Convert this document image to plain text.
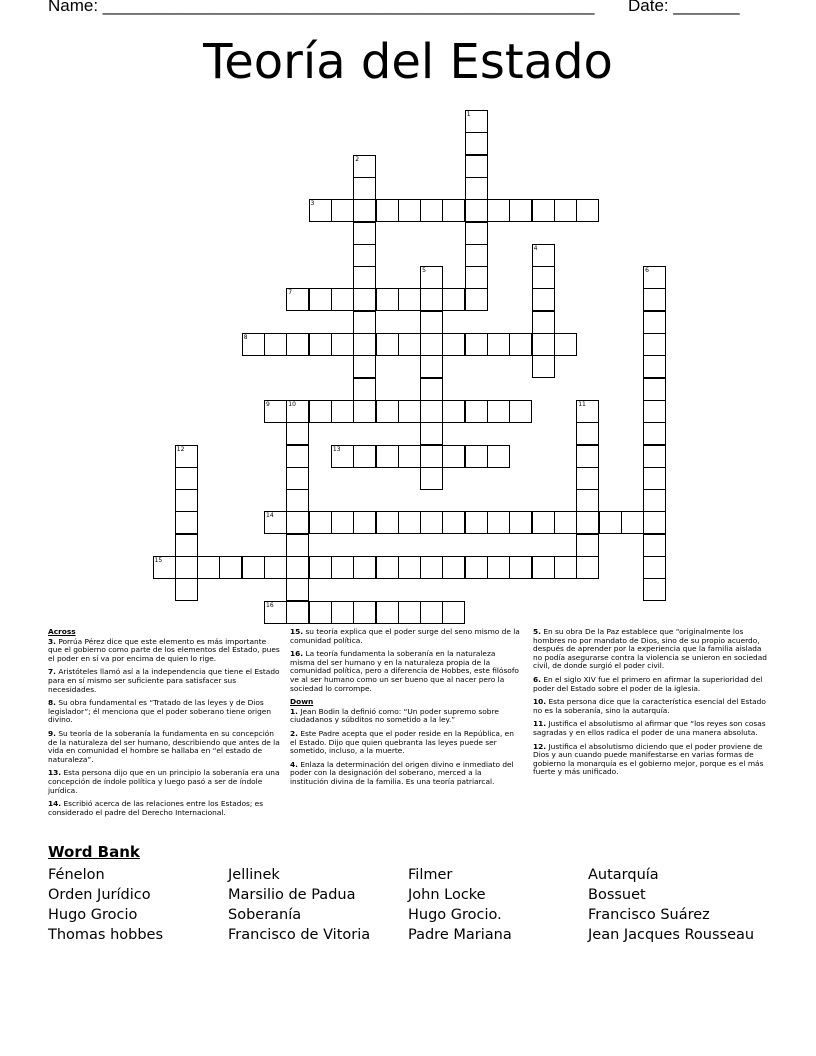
Name: ____________________________________________________ Date: _______
Teoría del Estado
1
2
3
4
5	6
7
8
9	10	11
12	13
14
15
16
Across
3. Porrúa Pérez dice que este elemento es más importante que el gobierno como parte de los elementos del Estado, pues el poder en sí va por encima de quien lo rige.
7. Aristóteles llamó así a la independencia que tiene el Estado para en sí mismo ser suficiente para satisfacer sus necesidades.
8. Su obra fundamental es “Tratado de las leyes y de Dios legislador”; él menciona que el poder soberano tiene origen divino.
9. Su teoría de la soberanía la fundamenta en su concepción de la naturaleza del ser humano, describiendo que antes de la vida en comunidad el hombre se hallaba en “el estado de naturaleza”.
13. Esta persona dijo que en un principio la soberanía era una concepción de índole política y luego pasó a ser de índole jurídica.
14. Escribió acerca de las relaciones entre los Estados; es considerado el padre del Derecho Internacional.
15. su teoría explica que el poder surge del seno mismo de la comunidad política.
16. La teoría fundamenta la soberanía en la naturaleza misma del ser humano y en la naturaleza propia de la comunidad política, pero a diferencia de Hobbes, este filósofo ve al ser humano como un ser bueno que al nacer pero la sociedad lo corrompe.
Down
1. Jean Bodin la definió como: “Un poder supremo sobre ciudadanos y súbditos no sometido a la ley.”
2. Este Padre acepta que el poder reside en la República, en el Estado. Dijo que quien quebranta las leyes puede ser sometido, incluso, a la muerte.
4. Enlaza la determinación del origen divino e inmediato del poder con la designación del soberano, merced a la institución divina de la familia. Es una teoría patriarcal.
5. En su obra De la Paz establece que “originalmente los hombres no por mandato de Dios, sino de su propio acuerdo, después de aprender por la experiencia que la familia aislada no podía asegurarse contra la violencia se unieron en sociedad civil, de donde surgió el poder civil.
6. En el siglo XIV fue el primero en afirmar la superioridad del poder del Estado sobre el poder de la iglesia.
10. Esta persona dice que la característica esencial del Estado no es la soberanía, sino la autarquía.
11. Justifica el absolutismo al afirmar que “los reyes son cosas sagradas y en ellos radica el poder de una manera absoluta.
12. Justifica el absolutismo diciendo que el poder proviene de Dios y aun cuando puede manifestarse en varias formas de gobierno la monarquía es el gobierno mejor, porque es el más fuerte y más unificado.
Word Bank
Fénelon	Jellinek	Filmer	Autarquía
Orden Jurídico	Marsilio de Padua	John Locke	Bossuet
Hugo Grocio	Soberanía	Hugo Grocio.	Francisco Suárez
Thomas hobbes	Francisco de Vitoria	Padre Mariana	Jean Jacques Rousseau
